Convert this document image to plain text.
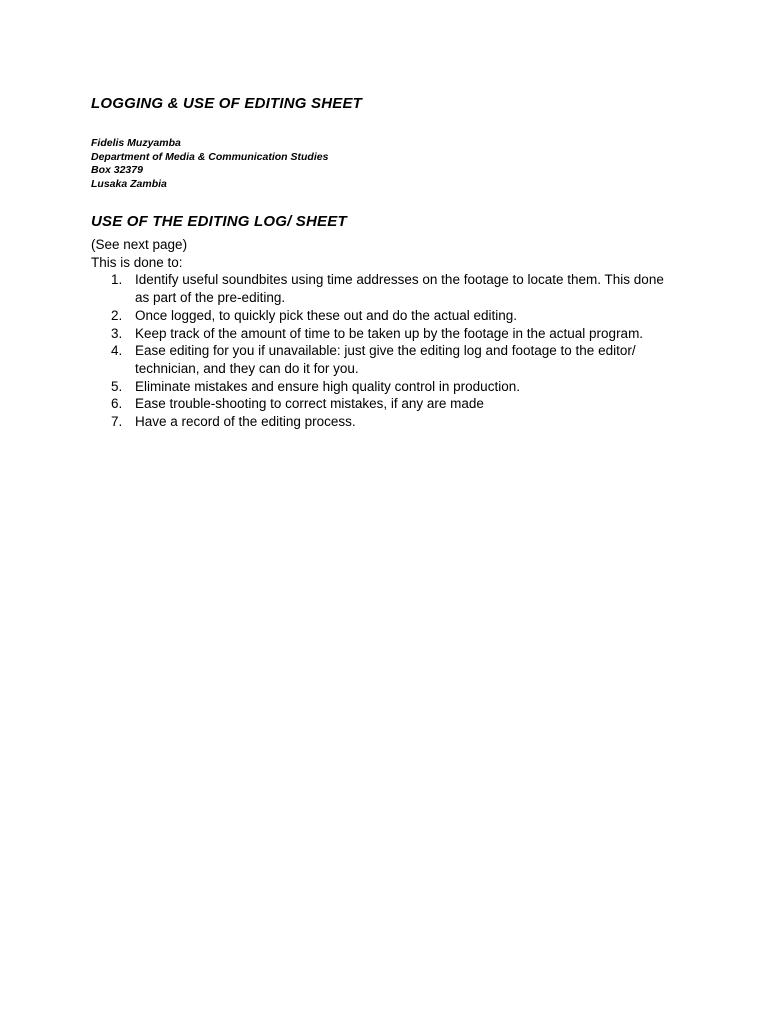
LOGGING & USE OF EDITING SHEET
Fidelis Muzyamba
Department of Media & Communication Studies
Box 32379
Lusaka Zambia
USE OF THE EDITING LOG/ SHEET

(See next page)

This is done to:

1. Identify useful soundbites using time addresses on the footage to locate them. This done as part of the pre-editing.
2. Once logged, to quickly pick these out and do the actual editing.
3. Keep track of the amount of time to be taken up by the footage in the actual program.
4. Ease editing for you if unavailable: just give the editing log and footage to the editor/ technician, and they can do it for you.
5. Eliminate mistakes and ensure high quality control in production.
6. Ease trouble-shooting to correct mistakes, if any are made
7. Have a record of the editing process.
